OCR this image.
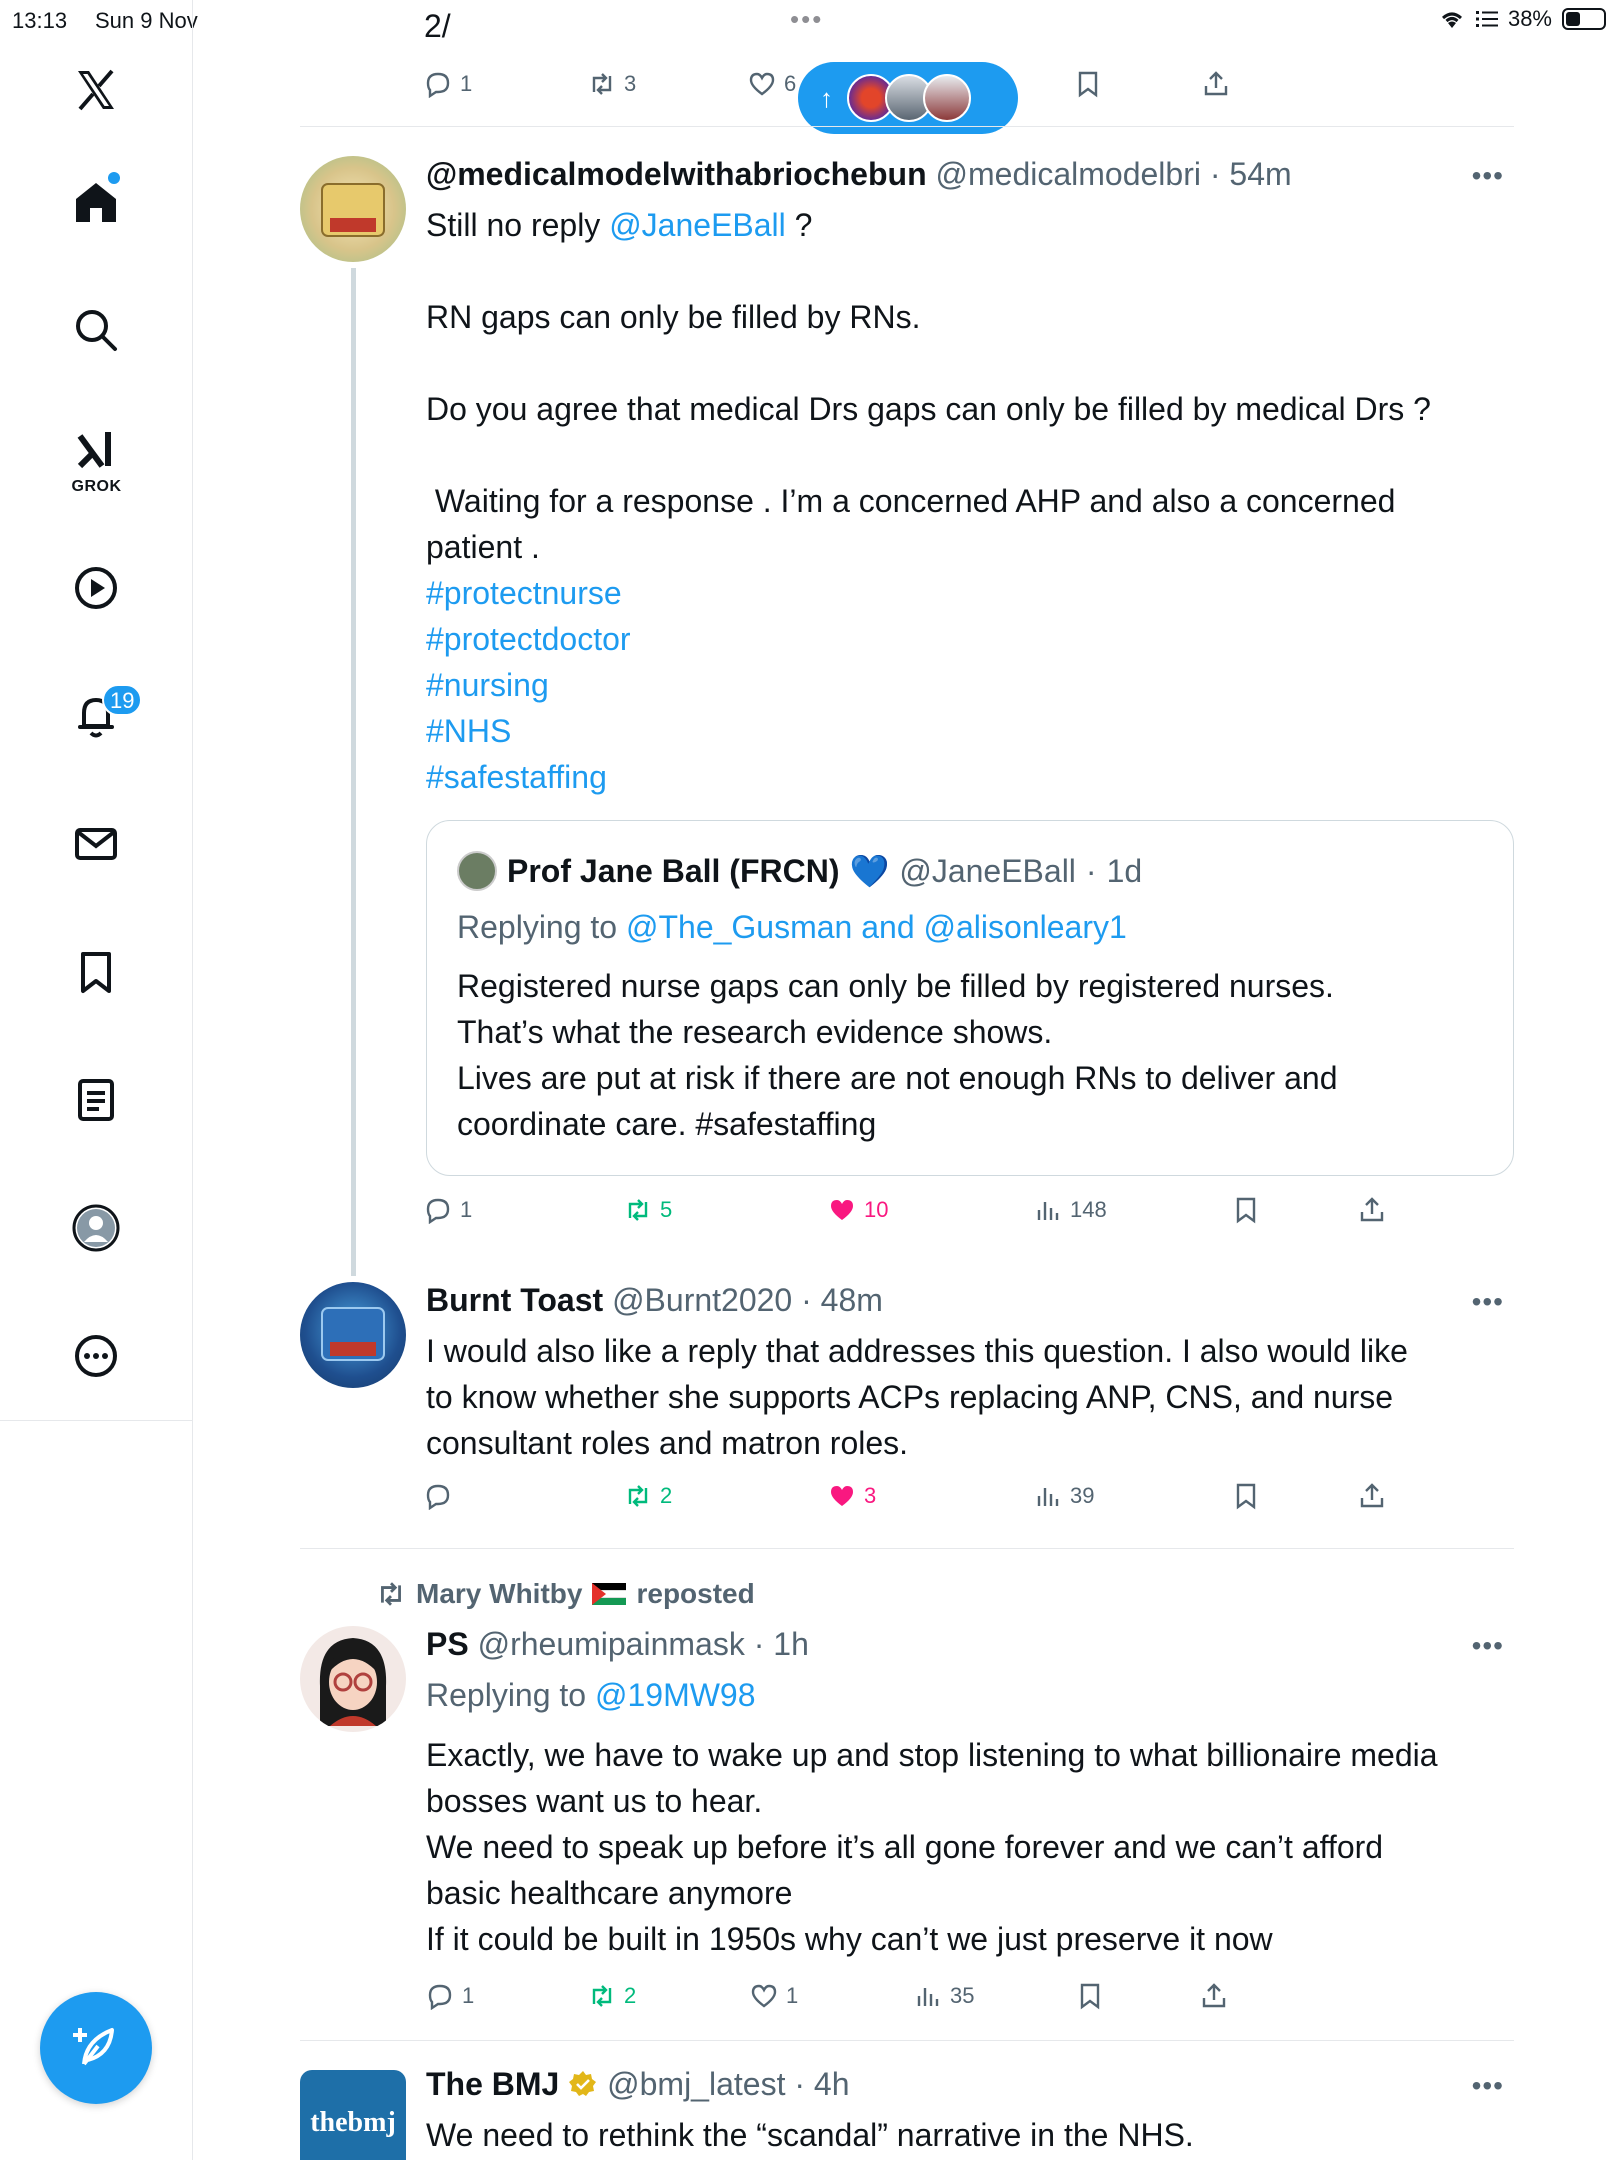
13:13 Sun 9 Nov	•••	38%
GROK
19
2/
1	3	6 ↑
@medicalmodelwithabriochebun @medicalmodelbri · 54m	•••
Still no reply @JaneEBall ?
RN gaps can only be filled by RNs.
Do you agree that medical Drs gaps can only be filled by medical Drs ?
Waiting for a response . I’m a concerned AHP and also a concerned patient .
#protectnurse
#protectdoctor
#nursing
#NHS
#safestaffing
Prof Jane Ball (FRCN) 💙 @JaneEBall · 1d
Replying to @The_Gusman and @alisonleary1
Registered nurse gaps can only be filled by registered nurses.
That’s what the research evidence shows.
Lives are put at risk if there are not enough RNs to deliver and
coordinate care. #safestaffing
1	5	10	148
Burnt Toast @Burnt2020 · 48m	•••
I would also like a reply that addresses this question. I also would like
to know whether she supports ACPs replacing ANP, CNS, and nurse
consultant roles and matron roles.
2	3	39
Mary Whitby reposted
PS @rheumipainmask · 1h	•••
Replying to @19MW98
Exactly, we have to wake up and stop listening to what billionaire media
bosses want us to hear.
We need to speak up before it’s all gone forever and we can’t afford
basic healthcare anymore
If it could be built in 1950s why can’t we just preserve it now
1	2	1	35
thebmj
The BMJ @bmj_latest · 4h	•••
We need to rethink the “scandal” narrative in the NHS.
